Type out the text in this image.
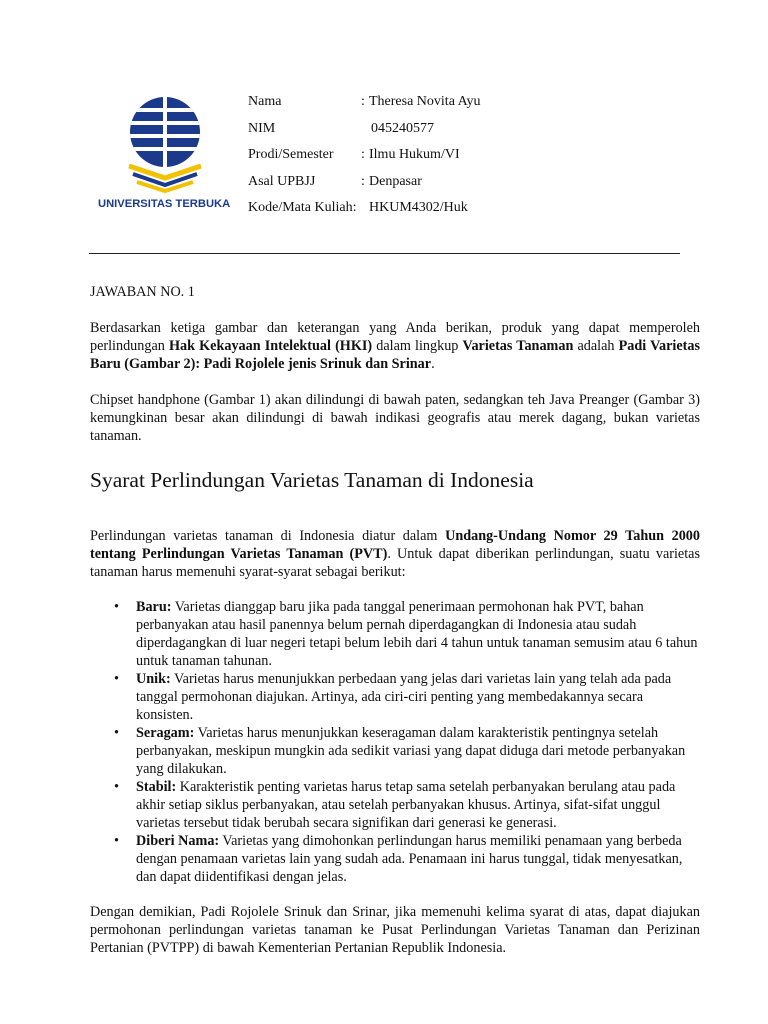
UNIVERSITAS TERBUKA
Nama	: Theresa Novita Ayu
NIM	045240577
Prodi/Semester : Ilmu Hukum/VI
Asal UPBJJ	: Denpasar
Kode/Mata Kuliah: HKUM4302/Huk

JAWABAN NO. 1

Berdasarkan ketiga gambar dan keterangan yang Anda berikan, produk yang dapat memperoleh perlindungan Hak Kekayaan Intelektual (HKI) dalam lingkup Varietas Tanaman adalah Padi Varietas Baru (Gambar 2): Padi Rojolele jenis Srinuk dan Srinar.

Chipset handphone (Gambar 1) akan dilindungi di bawah paten, sedangkan teh Java Preanger (Gambar 3) kemungkinan besar akan dilindungi di bawah indikasi geografis atau merek dagang, bukan varietas tanaman.

Syarat Perlindungan Varietas Tanaman di Indonesia

Perlindungan varietas tanaman di Indonesia diatur dalam Undang-Undang Nomor 29 Tahun 2000 tentang Perlindungan Varietas Tanaman (PVT). Untuk dapat diberikan perlindungan, suatu varietas tanaman harus memenuhi syarat-syarat sebagai berikut:

• Baru: Varietas dianggap baru jika pada tanggal penerimaan permohonan hak PVT, bahan perbanyakan atau hasil panennya belum pernah diperdagangkan di Indonesia atau sudah diperdagangkan di luar negeri tetapi belum lebih dari 4 tahun untuk tanaman semusim atau 6 tahun untuk tanaman tahunan.
• Unik: Varietas harus menunjukkan perbedaan yang jelas dari varietas lain yang telah ada pada tanggal permohonan diajukan. Artinya, ada ciri-ciri penting yang membedakannya secara konsisten.
• Seragam: Varietas harus menunjukkan keseragaman dalam karakteristik pentingnya setelah perbanyakan, meskipun mungkin ada sedikit variasi yang dapat diduga dari metode perbanyakan yang dilakukan.
• Stabil: Karakteristik penting varietas harus tetap sama setelah perbanyakan berulang atau pada akhir setiap siklus perbanyakan, atau setelah perbanyakan khusus. Artinya, sifat-sifat unggul varietas tersebut tidak berubah secara signifikan dari generasi ke generasi.
• Diberi Nama: Varietas yang dimohonkan perlindungan harus memiliki penamaan yang berbeda dengan penamaan varietas lain yang sudah ada. Penamaan ini harus tunggal, tidak menyesatkan, dan dapat diidentifikasi dengan jelas.

Dengan demikian, Padi Rojolele Srinuk dan Srinar, jika memenuhi kelima syarat di atas, dapat diajukan permohonan perlindungan varietas tanaman ke Pusat Perlindungan Varietas Tanaman dan Perizinan Pertanian (PVTPP) di bawah Kementerian Pertanian Republik Indonesia.
